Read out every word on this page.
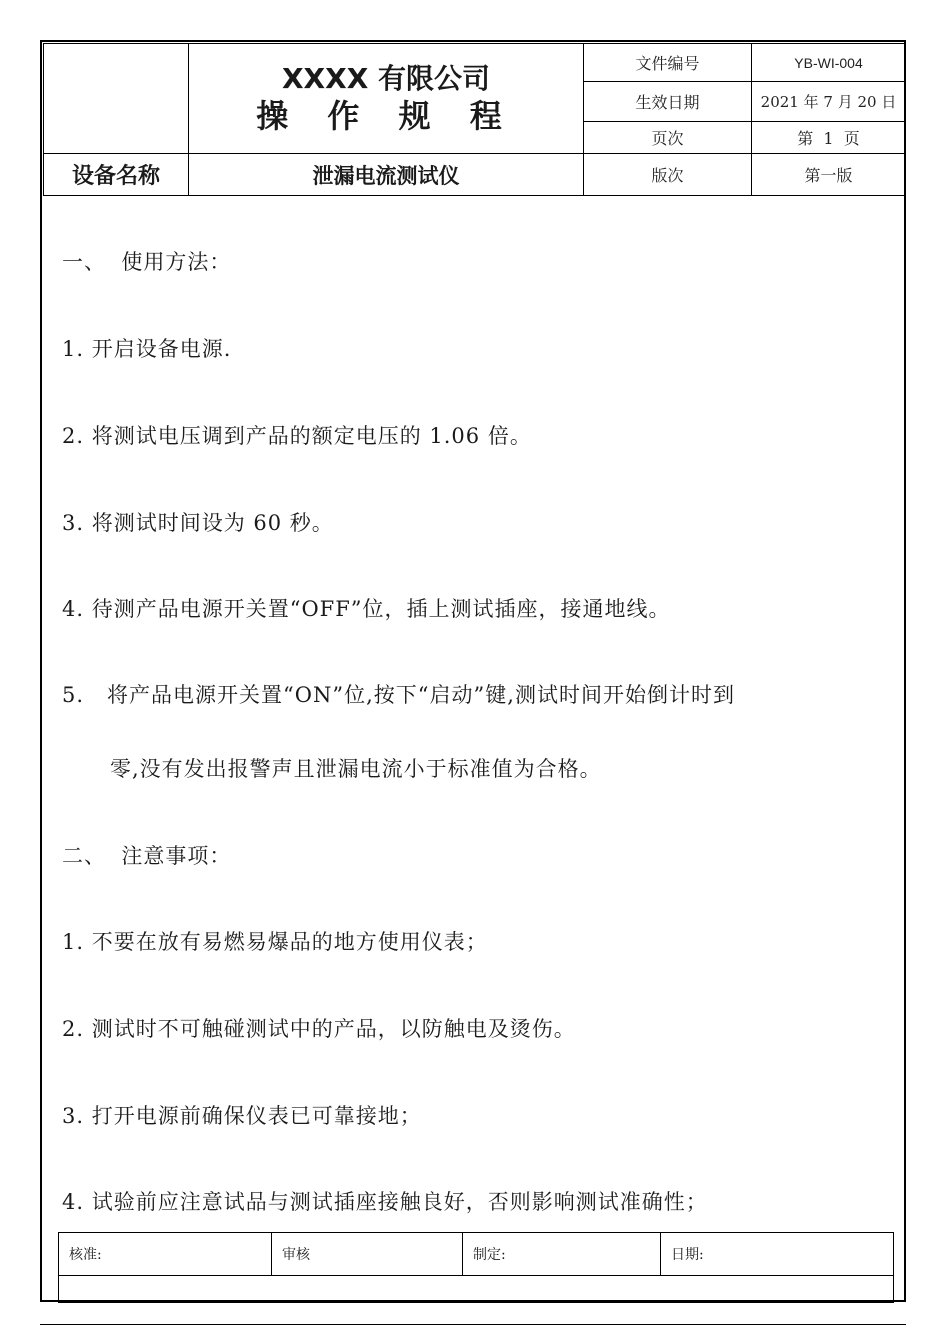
	XXXX 有限公司
操 作 规 程	文件编号	YB-WI-004
		生效日期	2021 年 7 月 20 日
		页次	第  1  页
设备名称	泄漏电流测试仪	版次	第一版
一、  使用方法：
1. 开启设备电源.
2. 将测试电压调到产品的额定电压的 1.06 倍。
3. 将测试时间设为 60 秒。
4. 待测产品电源开关置“OFF”位，插上测试插座，接通地线。
5.   将产品电源开关置“ON”位,按下“启动”键,测试时间开始倒计时到
零,没有发出报警声且泄漏电流小于标准值为合格。
二、  注意事项：
1. 不要在放有易燃易爆品的地方使用仪表；
2. 测试时不可触碰测试中的产品，以防触电及烫伤。
3. 打开电源前确保仪表已可靠接地；
4. 试验前应注意试品与测试插座接触良好，否则影响测试准确性；
核准:	审核	制定:	日期:
